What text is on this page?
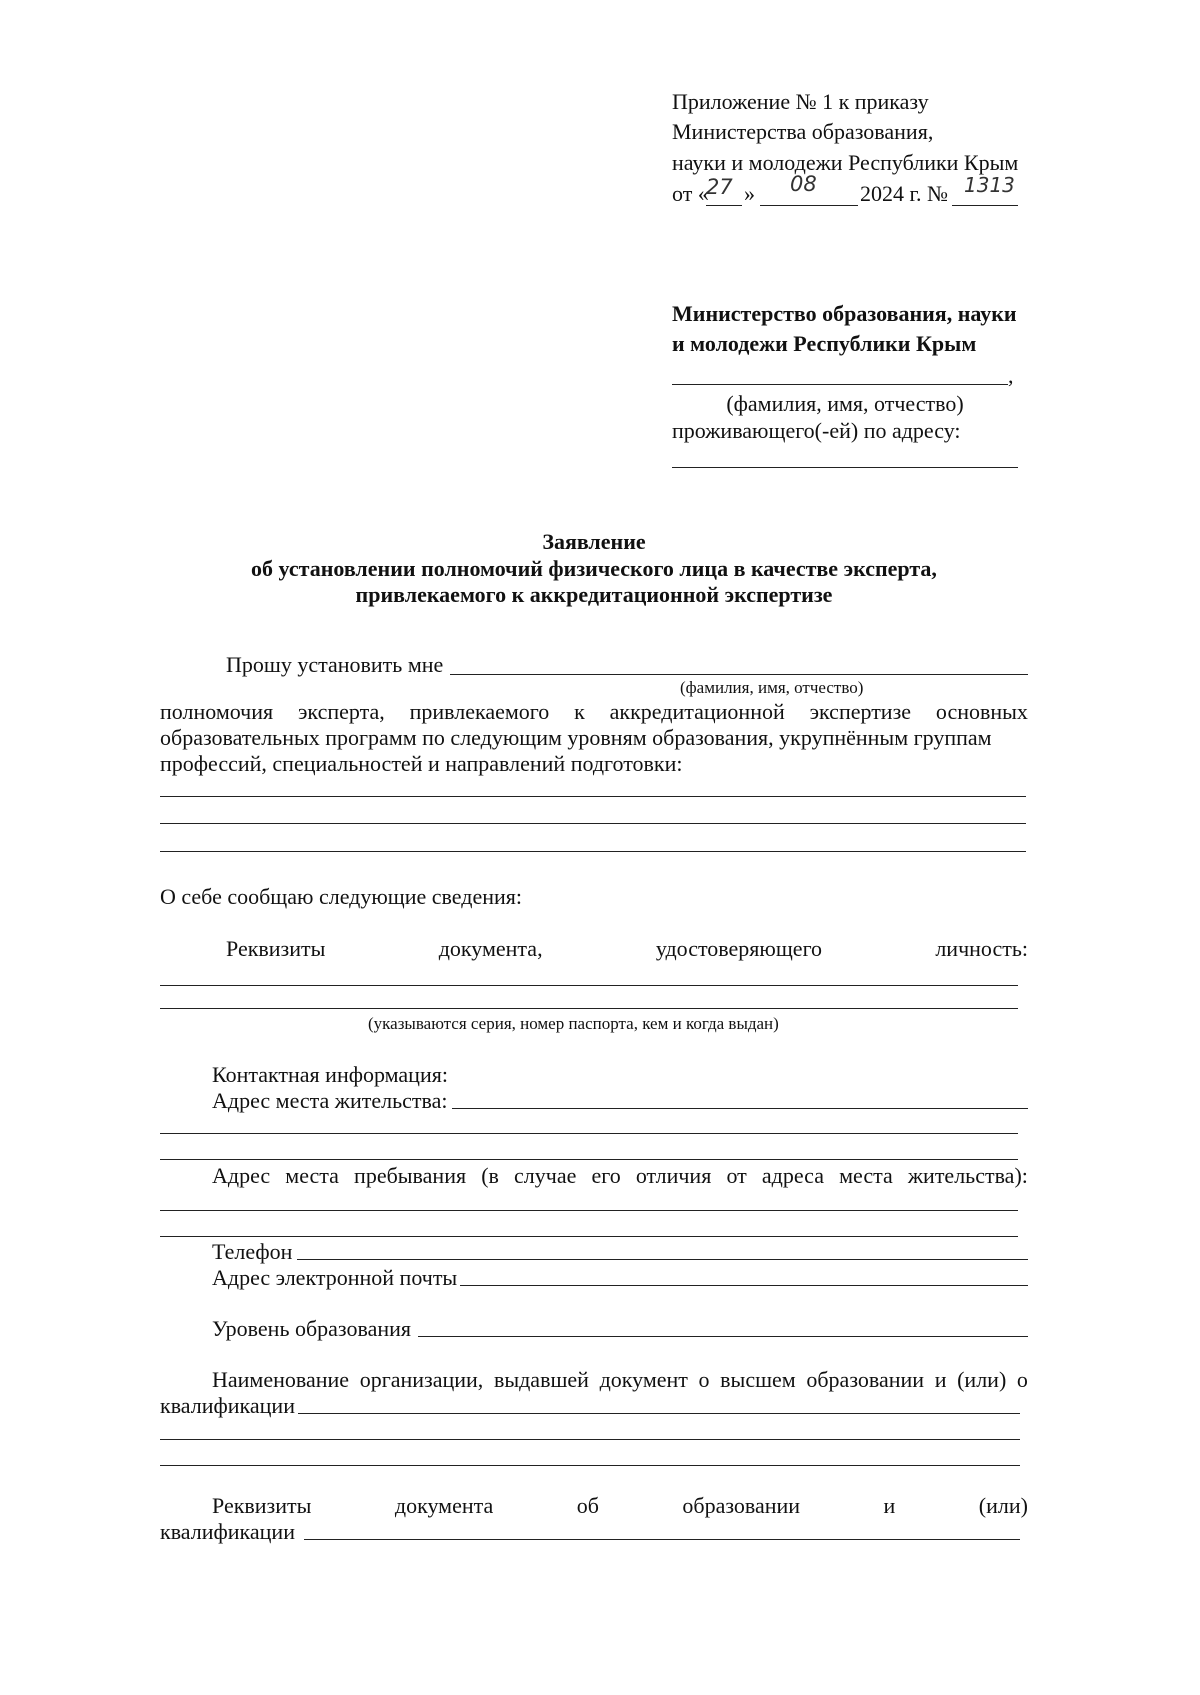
Приложение № 1 к приказу
Министерства образования,
науки и молодежи Республики Крым
от «
27 » 08 2024 г. № 1313
Министерство образования, науки
и молодежи Республики Крым
,
(фамилия, имя, отчество)
проживающего(-ей) по адресу:
Заявление
об установлении полномочий физического лица в качестве эксперта,
привлекаемого к аккредитационной экспертизе
Прошу установить мне
(фамилия, имя, отчество)
полномочия эксперта, привлекаемого к аккредитационной экспертизе основных
образовательных программ по следующим уровням образования, укрупнённым группам
профессий, специальностей и направлений подготовки:
О себе сообщаю следующие сведения:
Реквизиты	документа,	удостоверяющего	личность:
(указываются серия, номер паспорта, кем и когда выдан)
Контактная информация:
Адрес места жительства:
Адрес места пребывания (в случае его отличия от адреса места жительства):
Телефон
Адрес электронной почты
Уровень образования
Наименование организации, выдавшей документ о высшем образовании и (или) о
квалификации
Реквизиты	документа	об	образовании	и	(или)
квалификации
